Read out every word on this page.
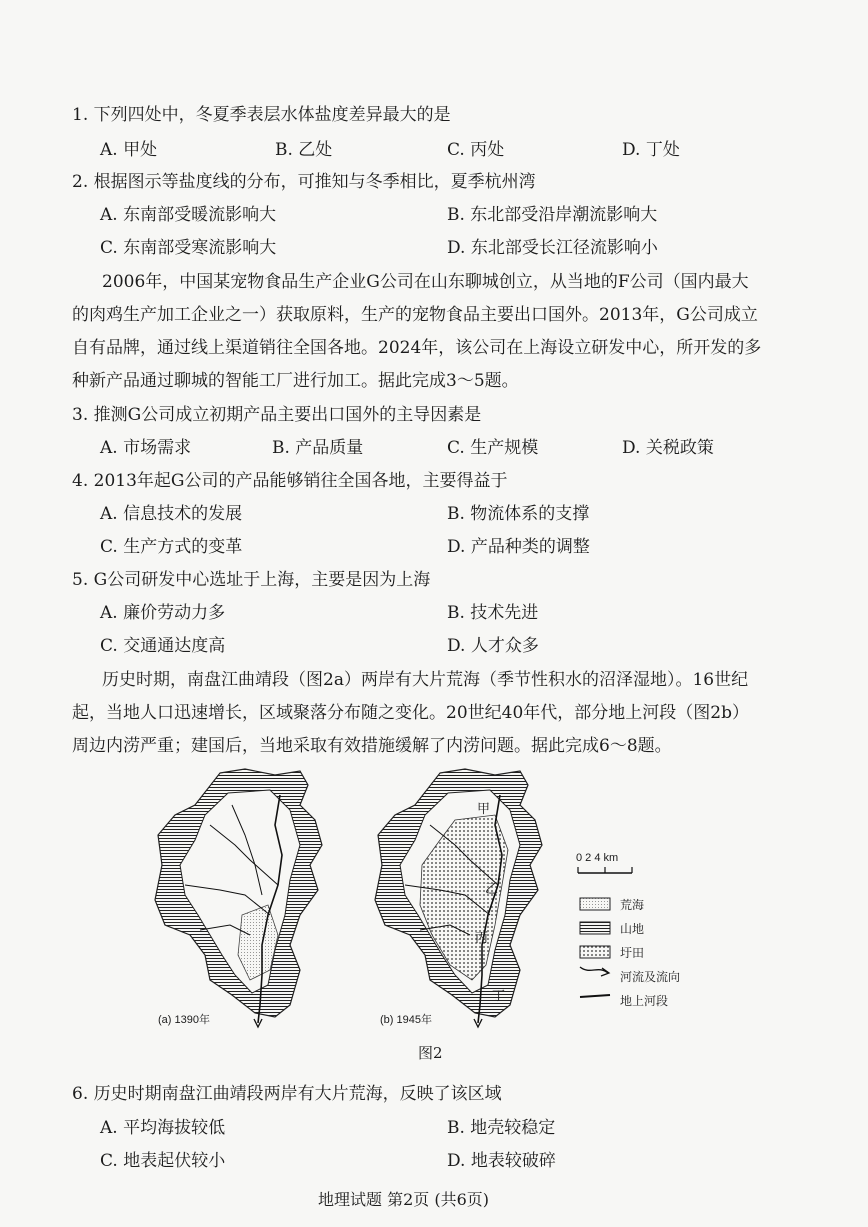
1. 下列四处中，冬夏季表层水体盐度差异最大的是
A. 甲处	B. 乙处	C. 丙处	D. 丁处
2. 根据图示等盐度线的分布，可推知与冬季相比，夏季杭州湾
A. 东南部受暖流影响大	B. 东北部受沿岸潮流影响大
C. 东南部受寒流影响大	D. 东北部受长江径流影响小
2006年，中国某宠物食品生产企业G公司在山东聊城创立，从当地的F公司（国内最大
的肉鸡生产加工企业之一）获取原料，生产的宠物食品主要出口国外。2013年，G公司成立
自有品牌，通过线上渠道销往全国各地。2024年，该公司在上海设立研发中心，所开发的多
种新产品通过聊城的智能工厂进行加工。据此完成3～5题。
3. 推测G公司成立初期产品主要出口国外的主导因素是
A. 市场需求	B. 产品质量	C. 生产规模	D. 关税政策
4. 2013年起G公司的产品能够销往全国各地，主要得益于
A. 信息技术的发展	B. 物流体系的支撑
C. 生产方式的变革	D. 产品种类的调整
5. G公司研发中心选址于上海，主要是因为上海
A. 廉价劳动力多	B. 技术先进
C. 交通通达度高	D. 人才众多
历史时期，南盘江曲靖段（图2a）两岸有大片荒海（季节性积水的沼泽湿地）。16世纪
起，当地人口迅速增长，区域聚落分布随之变化。20世纪40年代，部分地上河段（图2b）
周边内涝严重；建国后，当地采取有效措施缓解了内涝问题。据此完成6～8题。
(a) 1390年	(b) 1945年
甲
乙
丙
丁
0 2 4 km
荒海
山地
圩田
河流及流向
地上河段
图2
6. 历史时期南盘江曲靖段两岸有大片荒海，反映了该区域
A. 平均海拔较低	B. 地壳较稳定
C. 地表起伏较小	D. 地表较破碎
地理试题 第2页 (共6页)
